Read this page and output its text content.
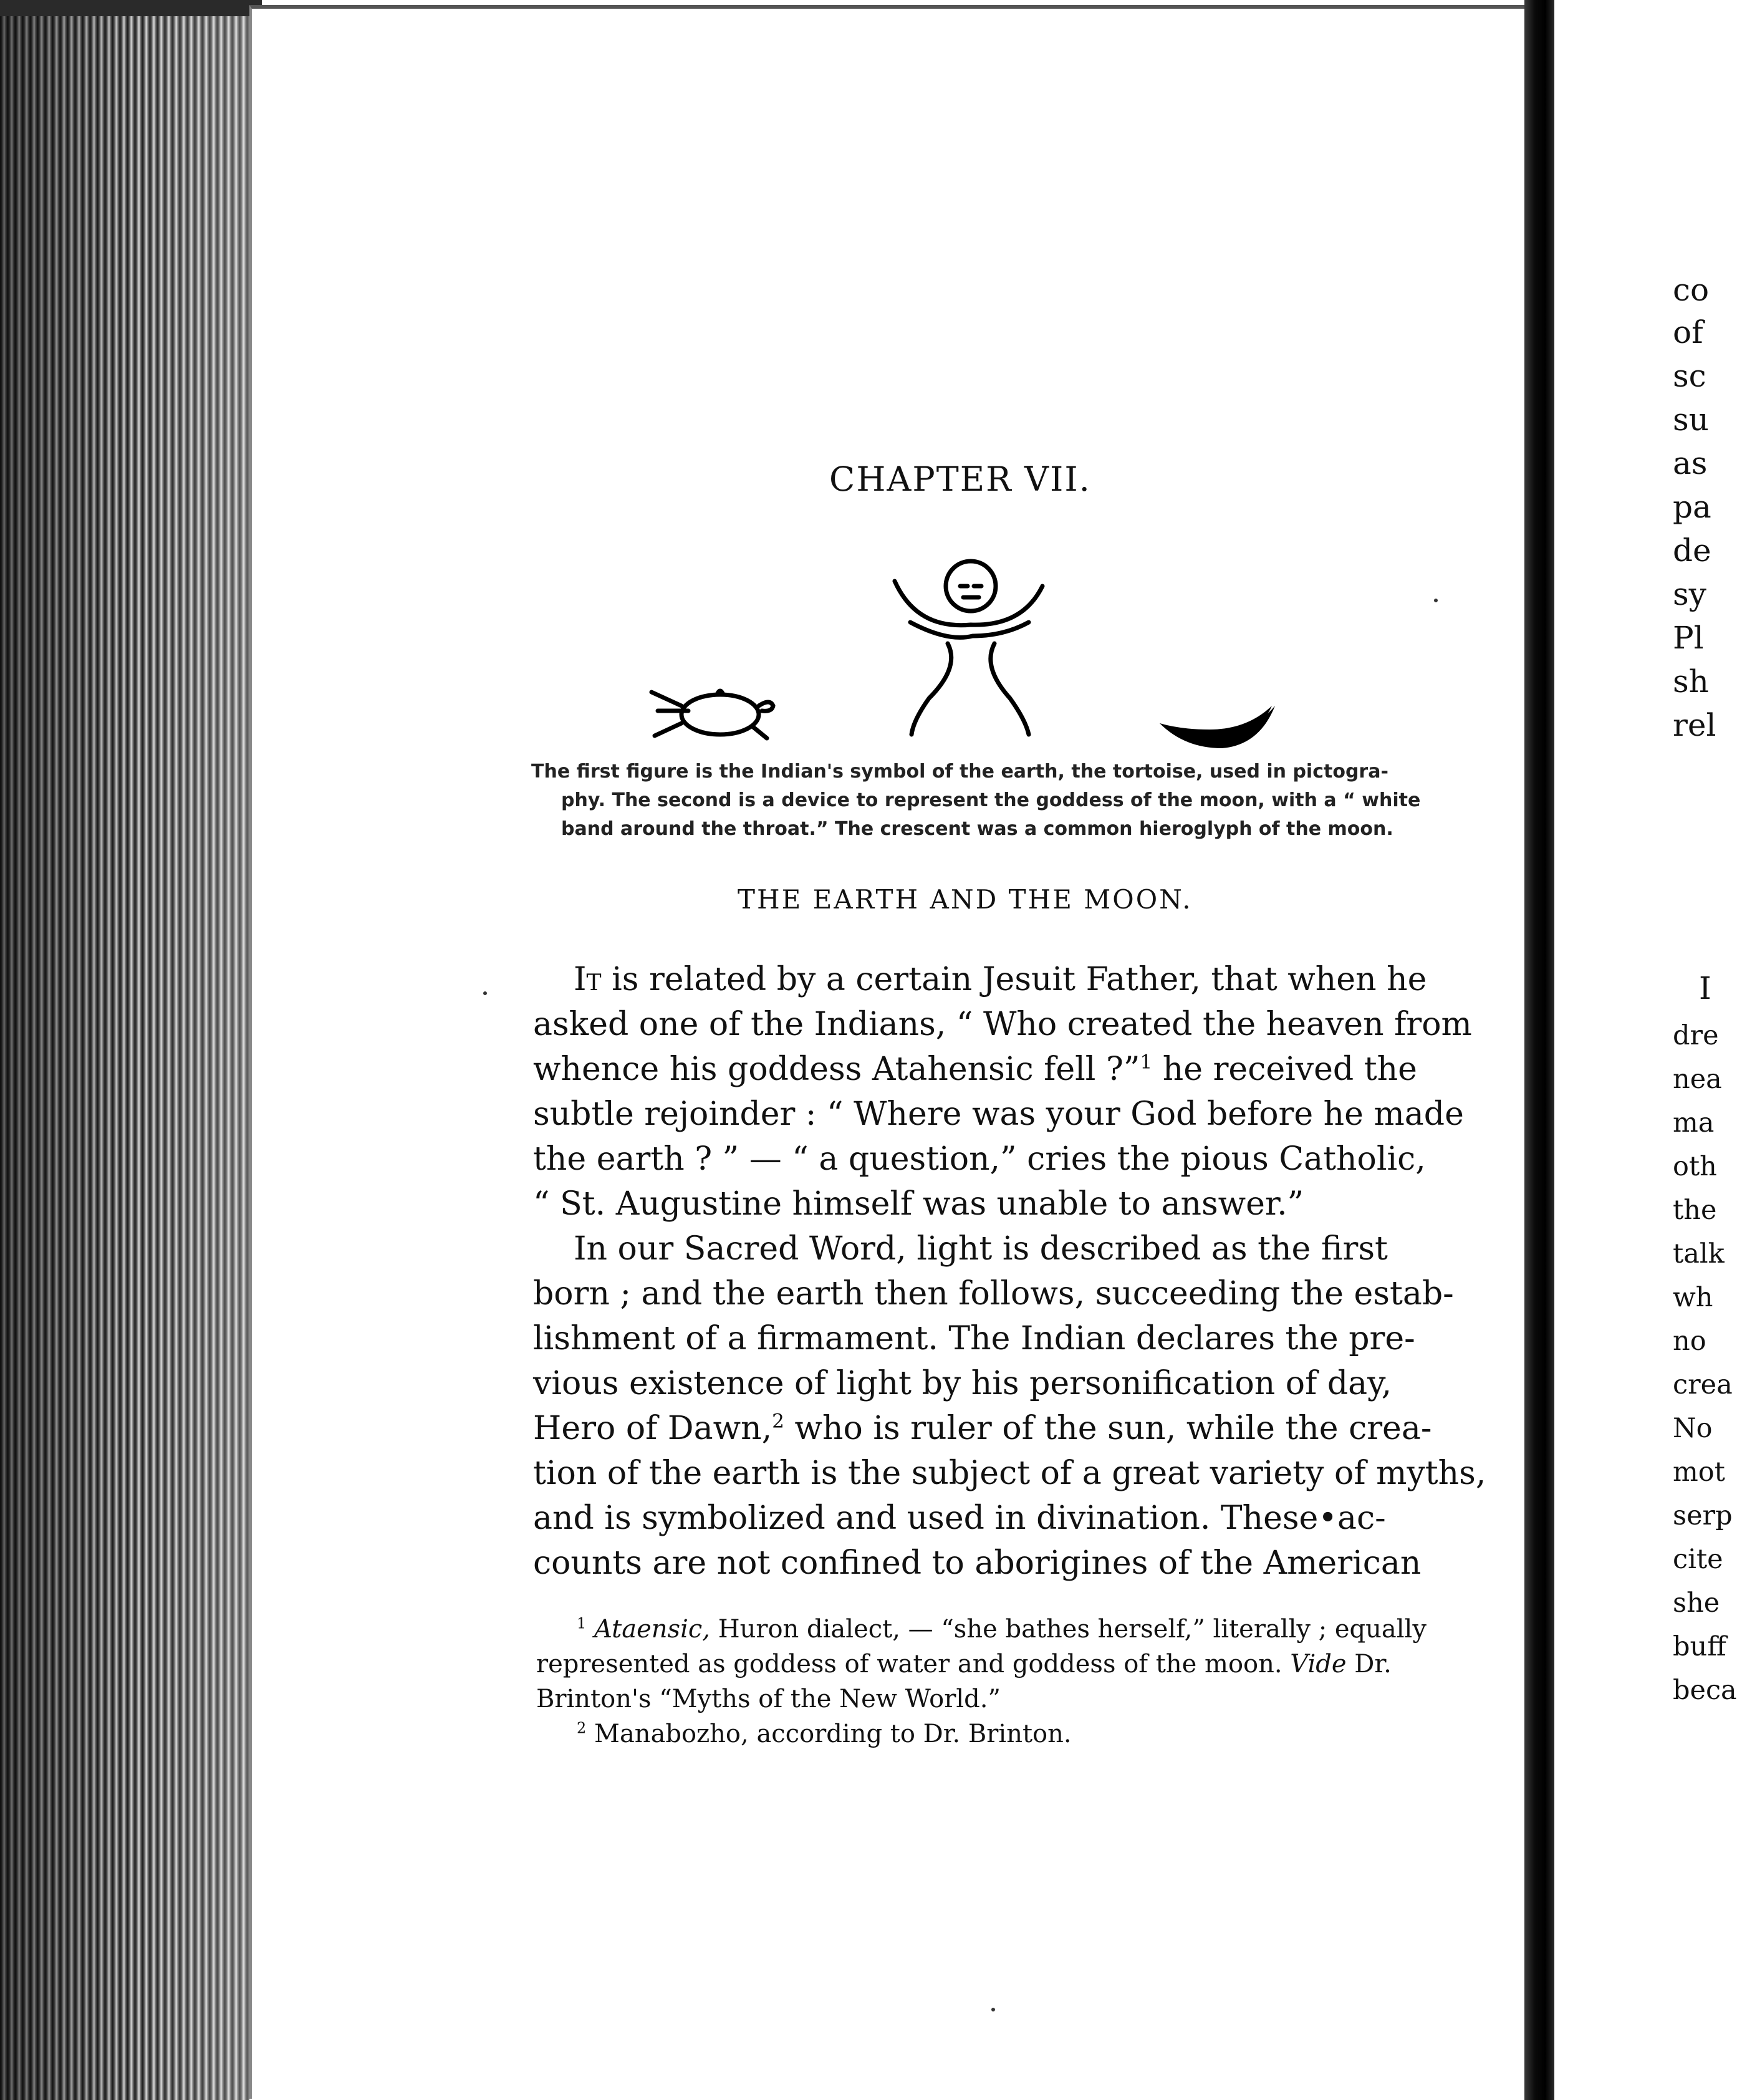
CHAPTER VII.
The first figure is the Indian's symbol of the earth, the tortoise, used in pictogra-
phy. The second is a device to represent the goddess of the moon, with a “ white
band around the throat.” The crescent was a common hieroglyph of the moon.
THE EARTH AND THE MOON.

It is related by a certain Jesuit Father, that when he
asked one of the Indians, “ Who created the heaven from
whence his goddess Atahensic fell ?”$^1$ he received the
subtle rejoinder : “ Where was your God before he made
the earth ? ” — “ a question,” cries the pious Catholic,
“ St. Augustine himself was unable to answer.”

In our Sacred Word, light is described as the first
born ; and the earth then follows, succeeding the estab-
lishment of a firmament. The Indian declares the pre-
vious existence of light by his personification of day,
Hero of Dawn,$^2$ who is ruler of the sun, while the crea-
tion of the earth is the subject of a great variety of myths,
and is symbolized and used in divination. These•ac-
counts are not confined to aborigines of the American

$^1$ Ataensic, Huron dialect, — “she bathes herself,” literally ; equally
represented as goddess of water and goddess of the moon. Vide Dr.
Brinton's “Myths of the New World.”
$^2$ Manabozho, according to Dr. Brinton.
co
of
sc
su
as
pa
de
sy
Pl
sh
rel
I
dre
nea
ma
oth
the
talk
wh
no
crea
No
mot
serp
cite
she
buff
beca
